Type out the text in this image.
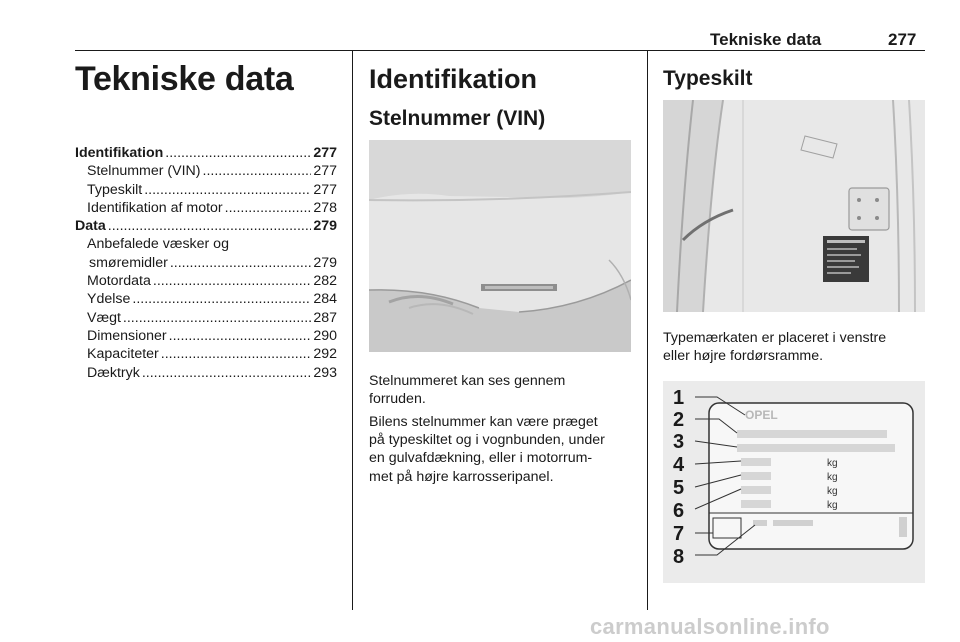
Tekniske data	277
Tekniske data
Identifikation .....	277
Stelnummer (VIN) .....	277
Typeskilt .....	277
Identifikation af motor .....	278
Data .....	279
Anbefalede væsker og
smøremidler .....	279
Motordata .....	282
Ydelse .....	284
Vægt .....	287
Dimensioner .....	290
Kapaciteter .....	292
Dæktryk .....	293
Identifikation
Stelnummer (VIN)
Stelnummeret kan ses gennem
forruden.
Bilens stelnummer kan være præget
på typeskiltet og i vognbunden, under
en gulvafdækning, eller i motorrum-
met på højre karrosseripanel.
Typeskilt
Typemærkaten er placeret i venstre
eller højre fordørsramme.
OPEL
kg
kg
kg
kg
1
2
3
4
5
6
7
8
carmanualsonline.info
